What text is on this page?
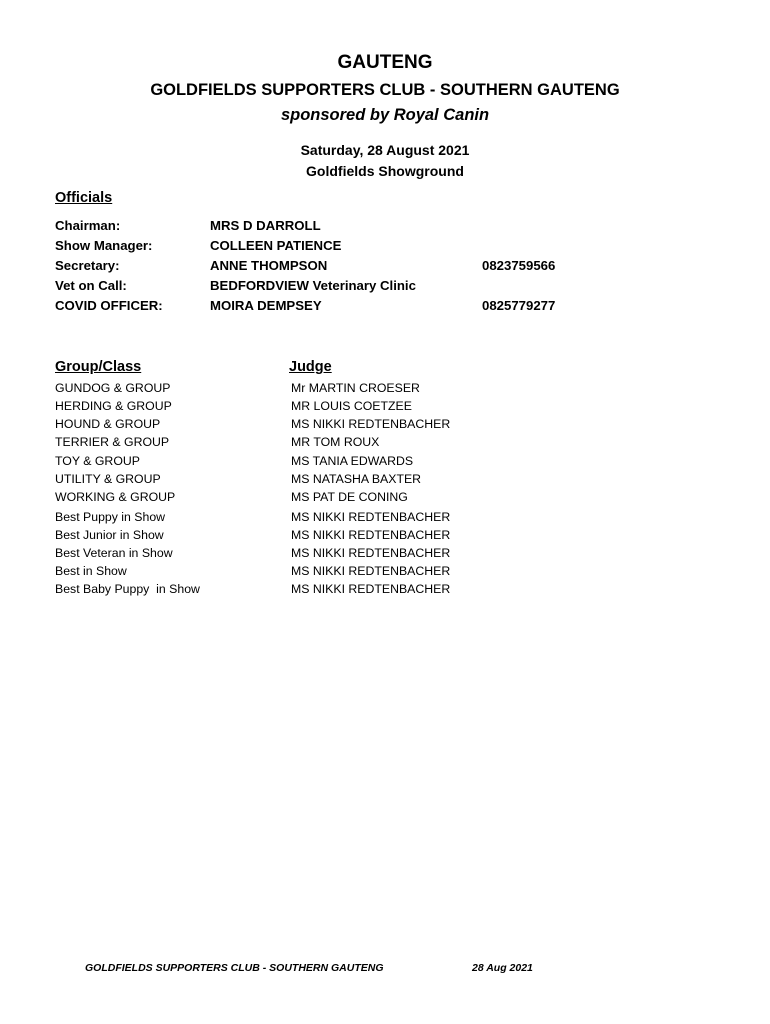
GAUTENG
GOLDFIELDS SUPPORTERS CLUB - SOUTHERN GAUTENG
sponsored by Royal Canin
Saturday, 28 August 2021
Goldfields Showground
Officials
Chairman:	MRS D DARROLL
Show Manager:	COLLEEN PATIENCE
Secretary:	ANNE THOMPSON	0823759566
Vet on Call:	BEDFORDVIEW Veterinary Clinic
COVID OFFICER:	MOIRA DEMPSEY	0825779277
Group/Class	Judge
GUNDOG & GROUP	Mr MARTIN CROESER
HERDING & GROUP	MR LOUIS COETZEE
HOUND & GROUP	MS NIKKI REDTENBACHER
TERRIER & GROUP	MR TOM ROUX
TOY & GROUP	MS TANIA EDWARDS
UTILITY & GROUP	MS NATASHA BAXTER
WORKING & GROUP	MS PAT DE CONING
Best Puppy in Show	MS NIKKI REDTENBACHER
Best Junior in Show	MS NIKKI REDTENBACHER
Best Veteran in Show	MS NIKKI REDTENBACHER
Best in Show	MS NIKKI REDTENBACHER
Best Baby Puppy  in Show	MS NIKKI REDTENBACHER
GOLDFIELDS SUPPORTERS CLUB - SOUTHERN GAUTENG	28 Aug 2021
